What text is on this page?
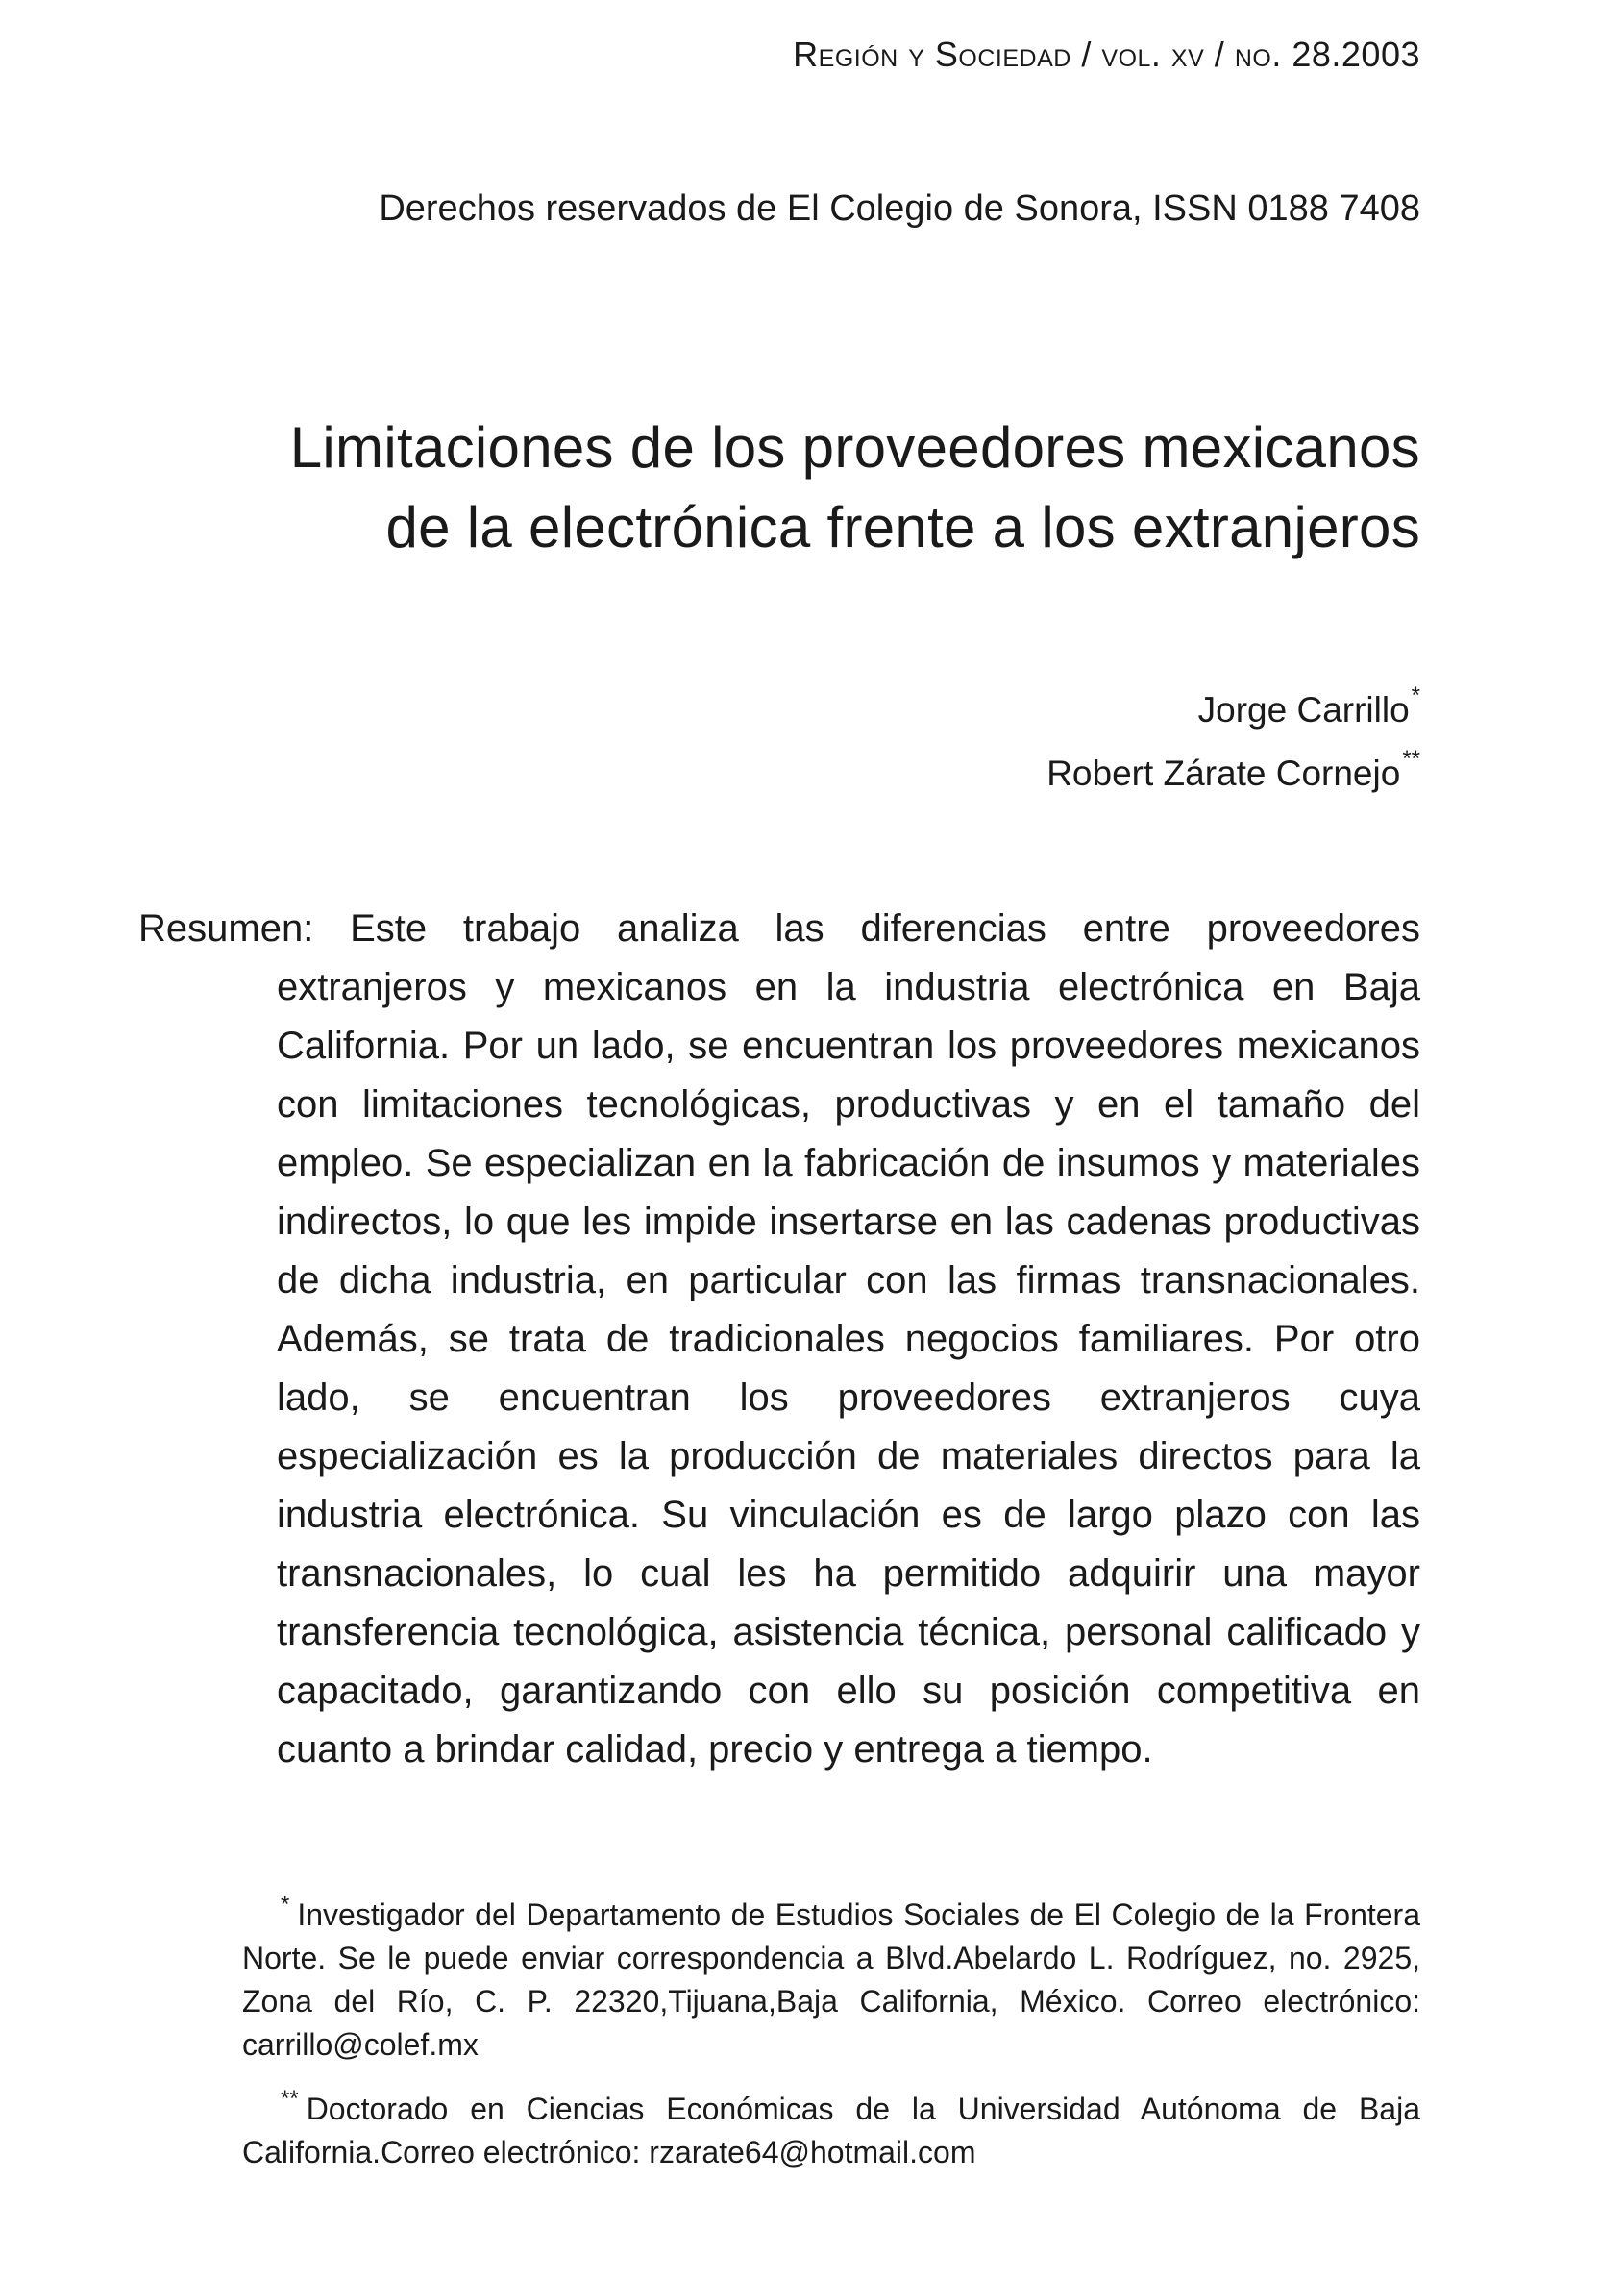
Región y Sociedad / vol. xv / no. 28.2003
Derechos reservados de El Colegio de Sonora, ISSN 0188 7408
Limitaciones de los proveedores mexicanos
de la electrónica frente a los extranjeros
Jorge Carrillo*
Robert Zárate Cornejo**

Resumen: Este trabajo analiza las diferencias entre proveedores extranjeros y mexicanos en la industria electrónica en Baja California. Por un lado, se encuentran los proveedores mexicanos con limitaciones tecnológicas, productivas y en el tamaño del empleo. Se especializan en la fabricación de insumos y materiales indirectos, lo que les impide insertarse en las cadenas productivas de dicha industria, en particular con las firmas transnacionales. Además, se trata de tradicionales negocios familiares. Por otro lado, se encuentran los proveedores extranjeros cuya especialización es la producción de materiales directos para la industria electrónica. Su vinculación es de largo plazo con las transnacionales, lo cual les ha permitido adquirir una mayor transferencia tecnológica, asistencia técnica, personal calificado y capacitado, garantizando con ello su posición competitiva en cuanto a brindar calidad, precio y entrega a tiempo.

* Investigador del Departamento de Estudios Sociales de El Colegio de la Frontera Norte. Se le puede enviar correspondencia a Blvd.Abelardo L. Rodríguez, no. 2925, Zona del Río, C. P. 22320,Tijuana,Baja California, México. Correo electrónico: carrillo@colef.mx

** Doctorado en Ciencias Económicas de la Universidad Autónoma de Baja California.Correo electrónico: rzarate64@hotmail.com
